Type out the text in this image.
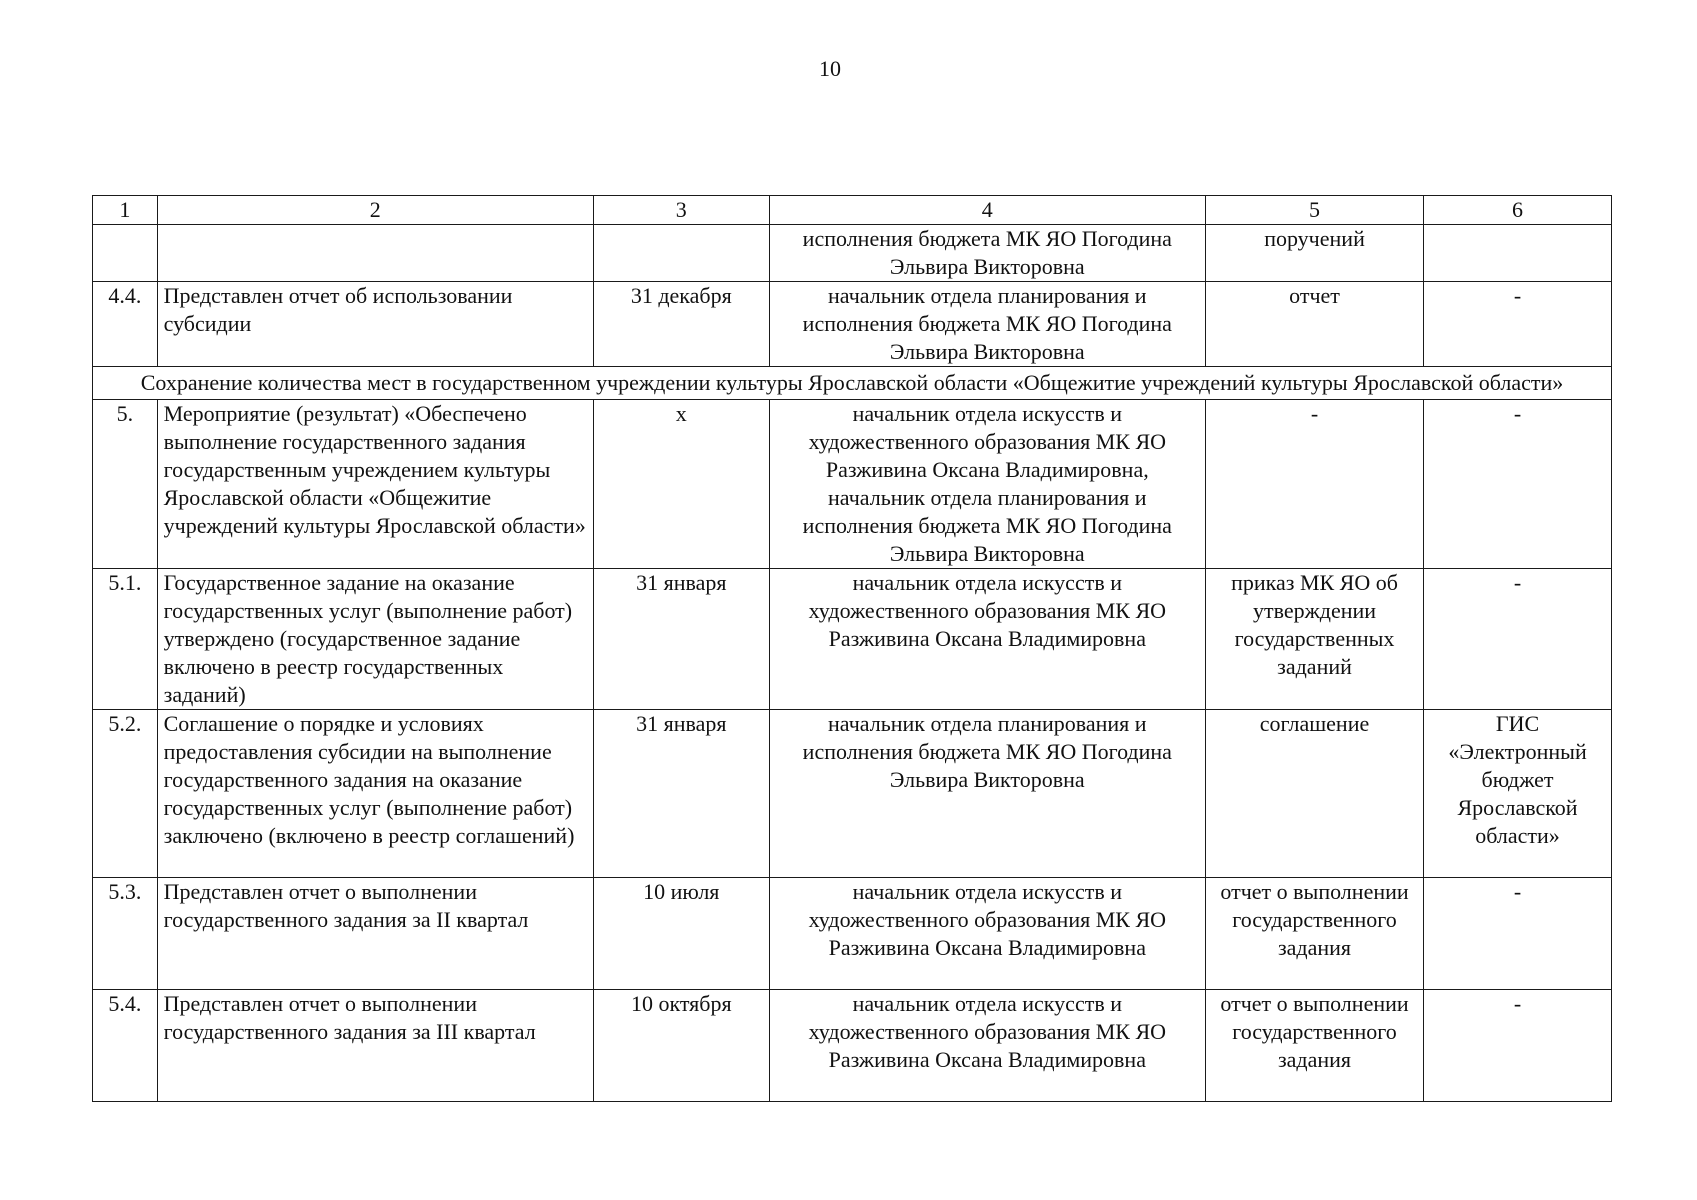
10
1	2	3	4	5	6
			исполнения бюджета МК ЯО Погодина Эльвира Викторовна	поручений	
4.4.	Представлен отчет об использовании субсидии	31 декабря	начальник отдела планирования и исполнения бюджета МК ЯО Погодина Эльвира Викторовна	отчет	-
Сохранение количества мест в государственном учреждении культуры Ярославской области «Общежитие учреждений культуры Ярославской области»					
5.	Мероприятие (результат) «Обеспечено выполнение государственного задания государственным учреждением культуры Ярославской области «Общежитие учреждений культуры Ярославской области»	x	начальник отдела искусств и художественного образования МК ЯО Разживина Оксана Владимировна, начальник отдела планирования и исполнения бюджета МК ЯО Погодина Эльвира Викторовна	-	-
5.1.	Государственное задание на оказание государственных услуг (выполнение работ) утверждено (государственное задание включено в реестр государственных заданий)	31 января	начальник отдела искусств и художественного образования МК ЯО Разживина Оксана Владимировна	приказ МК ЯО об утверждении государственных заданий	-
5.2.	Соглашение о порядке и условиях предоставления субсидии на выполнение государственного задания на оказание государственных услуг (выполнение работ) заключено (включено в реестр соглашений)	31 января	начальник отдела планирования и исполнения бюджета МК ЯО Погодина Эльвира Викторовна	соглашение	ГИС «Электронный бюджет Ярославской области»
5.3.	Представлен отчет о выполнении государственного задания за II квартал	10 июля	начальник отдела искусств и художественного образования МК ЯО Разживина Оксана Владимировна	отчет о выполнении государственного задания	-
5.4.	Представлен отчет о выполнении государственного задания за III квартал	10 октября	начальник отдела искусств и художественного образования МК ЯО Разживина Оксана Владимировна	отчет о выполнении государственного задания	-
